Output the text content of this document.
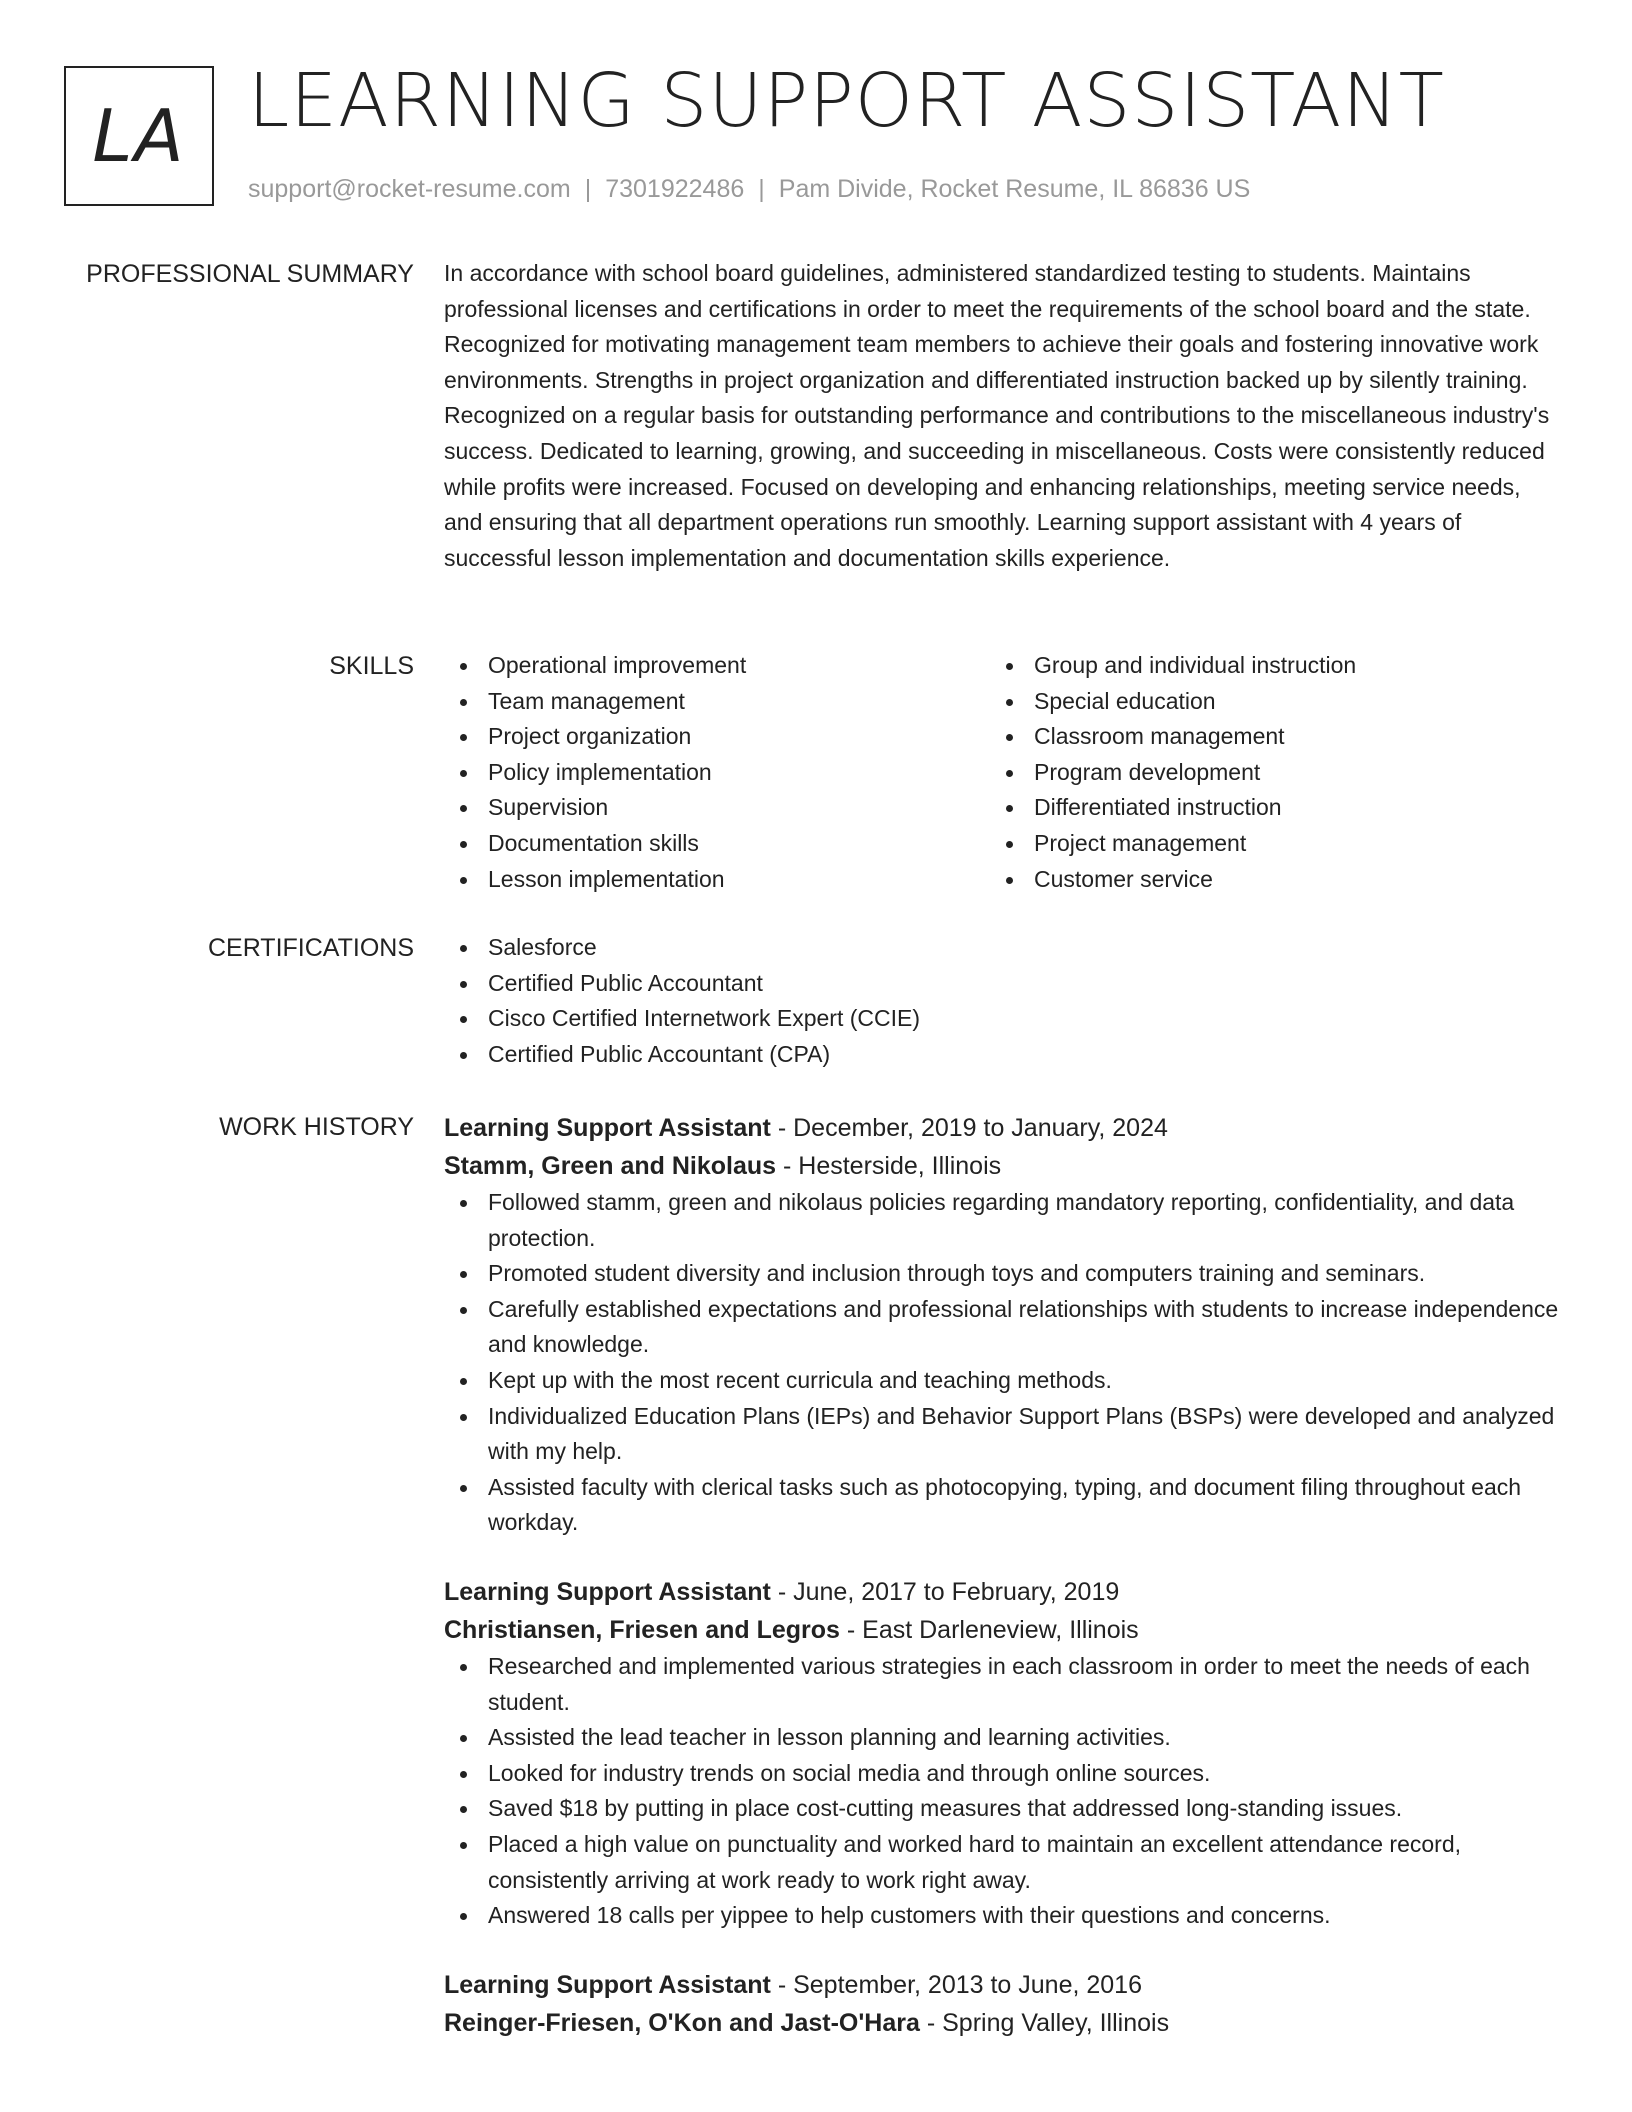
LA LEARNING SUPPORT ASSISTANT
support@rocket-resume.com | 7301922486 | Pam Divide, Rocket Resume, IL 86836 US
PROFESSIONAL SUMMARY In accordance with school board guidelines, administered standardized testing to students. Maintains professional licenses and certifications in order to meet the requirements of the school board and the state. Recognized for motivating management team members to achieve their goals and fostering innovative work environments. Strengths in project organization and differentiated instruction backed up by silently training. Recognized on a regular basis for outstanding performance and contributions to the miscellaneous industry's success. Dedicated to learning, growing, and succeeding in miscellaneous. Costs were consistently reduced while profits were increased. Focused on developing and enhancing relationships, meeting service needs, and ensuring that all department operations run smoothly. Learning support assistant with 4 years of successful lesson implementation and documentation skills experience.

SKILLS	Operational improvement
Team management
Project organization
Policy implementation
Supervision
Documentation skills
Lesson implementation
Group and individual instruction
Special education
Classroom management
Program development
Differentiated instruction
Project management
Customer service
CERTIFICATIONS	Salesforce
Certified Public Accountant
Cisco Certified Internetwork Expert (CCIE)
Certified Public Accountant (CPA)
WORK HISTORY Learning Support Assistant - December, 2019 to January, 2024
Stamm, Green and Nikolaus - Hesterside, Illinois
Followed stamm, green and nikolaus policies regarding mandatory reporting, confidentiality, and data protection.
Promoted student diversity and inclusion through toys and computers training and seminars.
Carefully established expectations and professional relationships with students to increase independence and knowledge.
Kept up with the most recent curricula and teaching methods.
Individualized Education Plans (IEPs) and Behavior Support Plans (BSPs) were developed and analyzed with my help.
Assisted faculty with clerical tasks such as photocopying, typing, and document filing throughout each workday.
Learning Support Assistant - June, 2017 to February, 2019
Christiansen, Friesen and Legros - East Darleneview, Illinois
Researched and implemented various strategies in each classroom in order to meet the needs of each student.
Assisted the lead teacher in lesson planning and learning activities.
Looked for industry trends on social media and through online sources.
Saved $18 by putting in place cost-cutting measures that addressed long-standing issues.
Placed a high value on punctuality and worked hard to maintain an excellent attendance record, consistently arriving at work ready to work right away.
Answered 18 calls per yippee to help customers with their questions and concerns.
Learning Support Assistant - September, 2013 to June, 2016
Reinger-Friesen, O'Kon and Jast-O'Hara - Spring Valley, Illinois
